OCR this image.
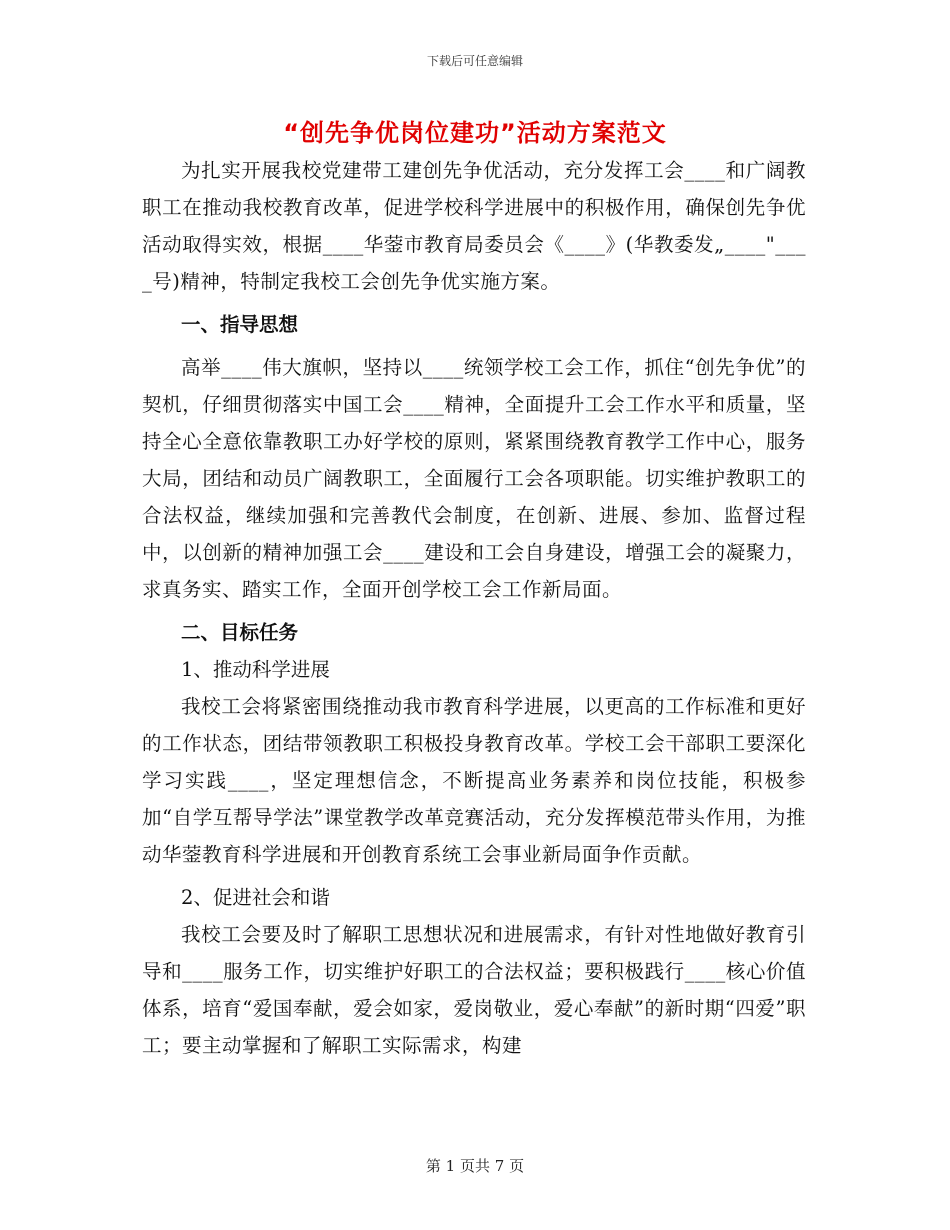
下载后可任意编辑
“创先争优岗位建功”活动方案范文

为扎实开展我校党建带工建创先争优活动，充分发挥工会____和广阔教职工在推动我校教育改革，促进学校科学进展中的积极作用，确保创先争优活动取得实效，根据____华蓥市教育局委员会《____》(华教委发„____"____号)精神，特制定我校工会创先争优实施方案。

一、指导思想

高举____伟大旗帜，坚持以____统领学校工会工作，抓住“创先争优”的契机，仔细贯彻落实中国工会____精神，全面提升工会工作水平和质量，坚持全心全意依靠教职工办好学校的原则，紧紧围绕教育教学工作中心，服务大局，团结和动员广阔教职工，全面履行工会各项职能。切实维护教职工的合法权益，继续加强和完善教代会制度，在创新、进展、参加、监督过程中，以创新的精神加强工会____建设和工会自身建设，增强工会的凝聚力，求真务实、踏实工作，全面开创学校工会工作新局面。

二、目标任务

1、推动科学进展

我校工会将紧密围绕推动我市教育科学进展，以更高的工作标准和更好的工作状态，团结带领教职工积极投身教育改革。学校工会干部职工要深化学习实践____，坚定理想信念，不断提高业务素养和岗位技能，积极参加“自学互帮导学法”课堂教学改革竞赛活动，充分发挥模范带头作用，为推动华蓥教育科学进展和开创教育系统工会事业新局面争作贡献。

2、促进社会和谐

我校工会要及时了解职工思想状况和进展需求，有针对性地做好教育引导和____服务工作，切实维护好职工的合法权益；要积极践行____核心价值体系，培育“爱国奉献，爱会如家，爱岗敬业，爱心奉献”的新时期“四爱”职工；要主动掌握和了解职工实际需求，构建

第 1 页共 7 页
